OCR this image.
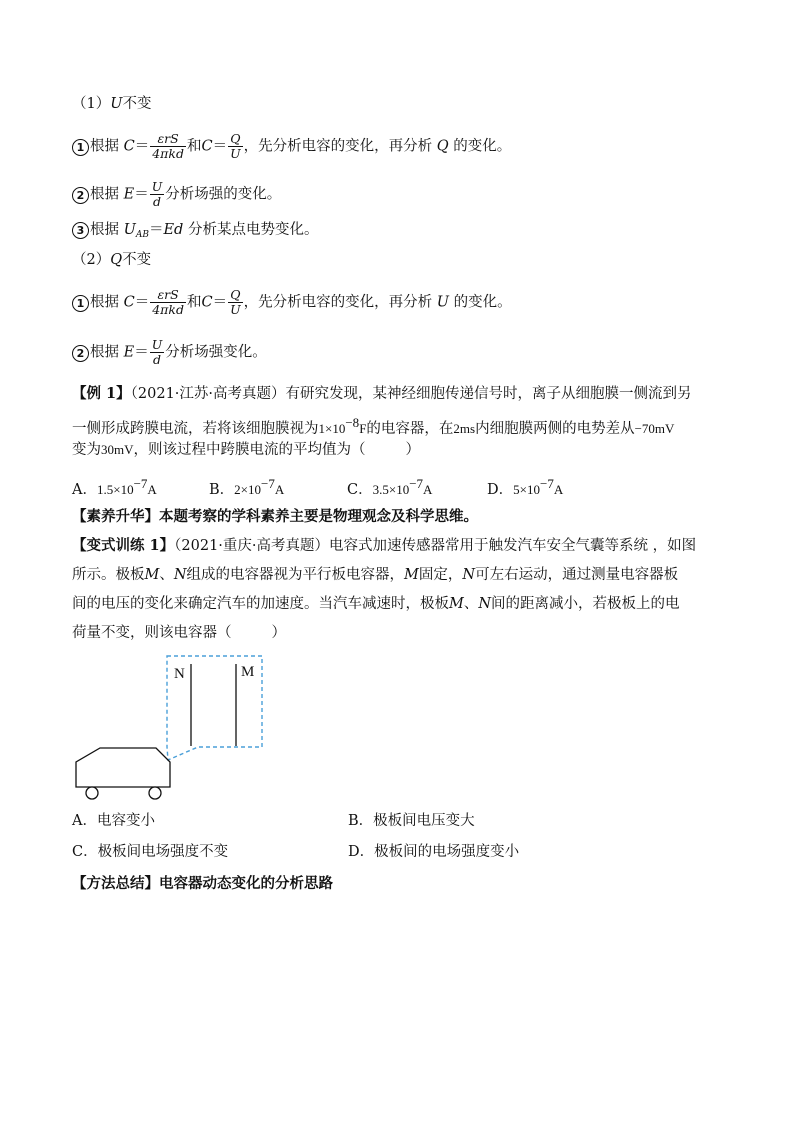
（1）U不变
1 根据 $C= \frac{\text{εrS}}{\text{4πkd}}$ 和$C= \frac{Q}{U}$ ，先分析电容的变化，再分析 Q 的变化。
2 根据 $E= \frac{U}{d}$ 分析场强的变化。
3 根据 $U_{AB}=Ed$ 分析某点电势变化。
（2）Q不变
1 根据 $C= \frac{\text{εrS}}{\text{4πkd}}$ 和$C= \frac{Q}{U}$ ，先分析电容的变化，再分析 U 的变化。
2 根据 $E= \frac{U}{d}$ 分析场强变化。
【例 1】（2021·江苏·高考真题）有研究发现，某神经细胞传递信号时，离子从细胞膜一侧流到另
一侧形成跨膜电流，若将该细胞膜视为1×10−8F的电容器，在2ms内细胞膜两侧的电势差从−70mV
变为30mV，则该过程中跨膜电流的平均值为（	）
A．1.5×10−7A	B．2×10−7A	C．3.5×10−7A	D．5×10−7A
【素养升华】本题考察的学科素养主要是物理观念及科学思维。
【变式训练 1】（2021·重庆·高考真题）电容式加速传感器常用于触发汽车安全气囊等系统 ，如图
所示。极板M、N组成的电容器视为平行板电容器，M固定，N可左右运动，通过测量电容器板
间的电压的变化来确定汽车的加速度。当汽车减速时，极板M、N间的距离减小，若极板上的电
荷量不变，则该电容器（	）
N	M
A．电容变小	B．极板间电压变大
C．极板间电场强度不变	D．极板间的电场强度变小
【方法总结】电容器动态变化的分析思路
